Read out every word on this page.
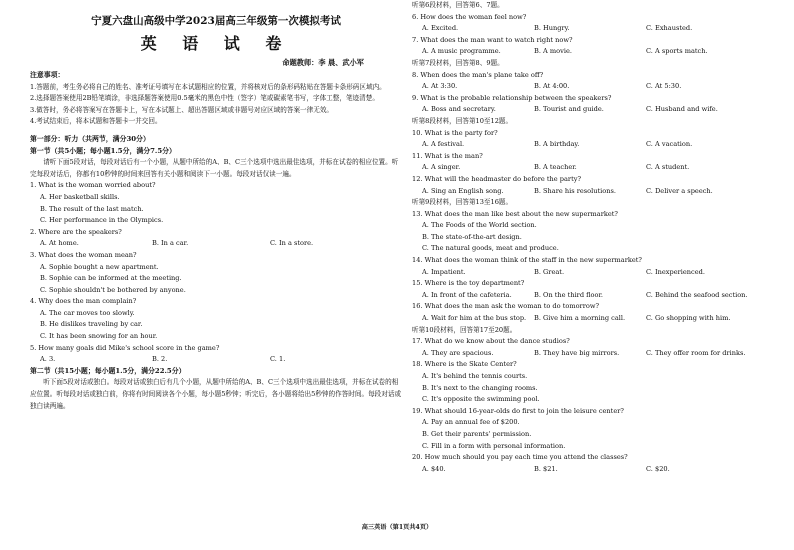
宁夏六盘山高级中学2023届高三年级第一次模拟考试
英 语 试 卷
命题教师：李 晨、武小军
注意事项：
1.答题前，考生务必将自己的姓名、准考证号填写在本试题相应的位置，并将核对后的条形码粘贴在答题卡条形码区域内。
2.选择题答案使用2B铅笔填涂，非选择题答案使用0.5毫米的黑色中性（签字）笔或碳素笔书写，字体工整，笔迹清楚。
3.做答时，务必将答案写在答题卡上，写在本试题上、超出答题区域或非题号对应区域的答案一律无效。
4.考试结束后，将本试题和答题卡一并交回。
第一部分：听力（共两节，满分30分）
第一节（共5小题；每小题1.5分，满分7.5分）
请听下面5段对话，每段对话后有一个小题，从题中所给的A、B、C三个选项中选出最佳选项，并标在试卷的相应位置。听完每段对话后，你都有10秒钟的时间来回答有关小题和阅读下一小题。每段对话仅读一遍。
1. What is the woman worried about?
A. Her basketball skills.
B. The result of the last match.
C. Her performance in the Olympics.
2. Where are the speakers?
A. At home.	B. In a car.	C. In a store.
3. What does the woman mean?
A. Sophie bought a new apartment.
B. Sophie can be informed at the meeting.
C. Sophie shouldn't be bothered by anyone.
4. Why does the man complain?
A. The car moves too slowly.
B. He dislikes traveling by car.
C. It has been snowing for an hour.
5. How many goals did Mike's school score in the game?
A. 3.	B. 2.	C. 1.
第二节（共15小题；每小题1.5分，满分22.5分）
听下面5段对话或独白。每段对话或独白后有几个小题，从题中所给的A、B、C三个选项中选出最佳选项，并标在试卷的相应位置。听每段对话或独白前，你将有时间阅读各个小题，每小题5秒钟；听完后，各小题将给出5秒钟的作答时间。每段对话或独白读两遍。
听第6段材料，回答第6、7题。
6. How does the woman feel now?
A. Excited.	B. Hungry.	C. Exhausted.
7. What does the man want to watch right now?
A. A music programme.	B. A movie.	C. A sports match.
听第7段材料，回答第8、9题。
8. When does the man's plane take off?
A. At 3:30.	B. At 4:00.	C. At 5:30.
9. What is the probable relationship between the speakers?
A. Boss and secretary.	B. Tourist and guide.	C. Husband and wife.
听第8段材料，回答第10至12题。
10. What is the party for?
A. A festival.	B. A birthday.	C. A vacation.
11. What is the man?
A. A singer.	B. A teacher.	C. A student.
12. What will the headmaster do before the party?
A. Sing an English song.	B. Share his resolutions.	C. Deliver a speech.
听第9段材料，回答第13至16题。
13. What does the man like best about the new supermarket?
A. The Foods of the World section.
B. The state-of-the-art design.
C. The natural goods, meat and produce.
14. What does the woman think of the staff in the new supermarket?
A. Impatient.	B. Great.	C. Inexperienced.
15. Where is the toy department?
A. In front of the cafeteria.	B. On the third floor.	C. Behind the seafood section.
16. What does the man ask the woman to do tomorrow?
A. Wait for him at the bus stop.	B. Give him a morning call.	C. Go shopping with him.
听第10段材料，回答第17至20题。
17. What do we know about the dance studios?
A. They are spacious.	B. They have big mirrors.	C. They offer room for drinks.
18. Where is the Skate Center?
A. It's behind the tennis courts.
B. It's next to the changing rooms.
C. It's opposite the swimming pool.
19. What should 16-year-olds do first to join the leisure center?
A. Pay an annual fee of $200.
B. Get their parents' permission.
C. Fill in a form with personal information.
20. How much should you pay each time you attend the classes?
A. $40.	B. $21.	C. $20.
高三英语（第1页共4页）
